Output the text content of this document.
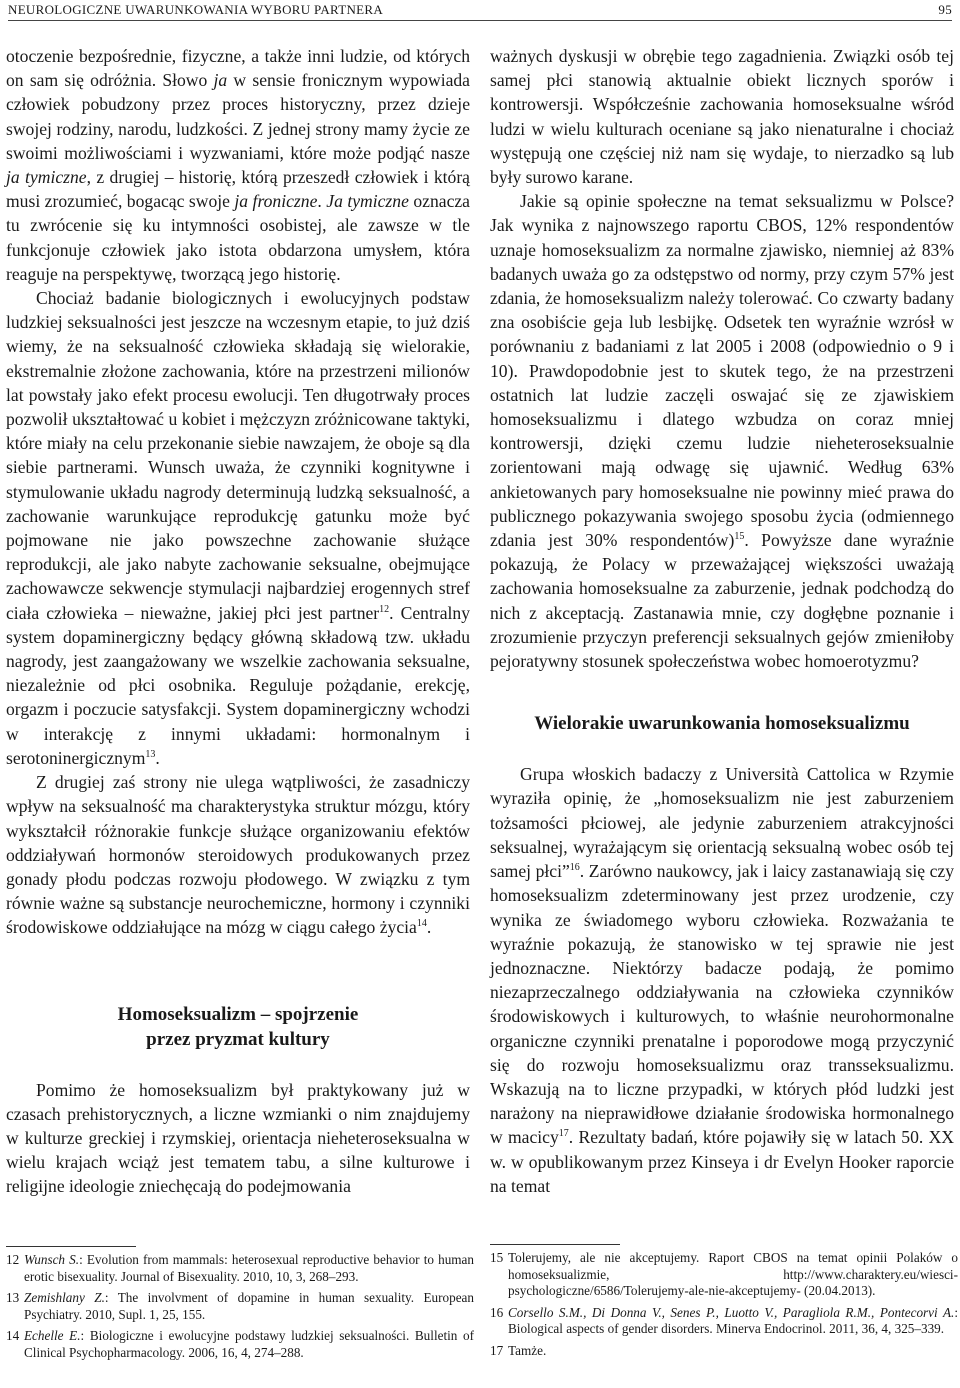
NEUROLOGICZNE UWARUNKOWANIA WYBORU PARTNERA	95

otoczenie bezpośrednie, fizyczne, a także inni ludzie, od których on sam się odróżnia. Słowo ja w sensie fronicznym wypowiada człowiek pobudzony przez proces historyczny, przez dzieje swojej rodziny, narodu, ludzkości. Z jednej strony mamy życie ze swoimi możliwościami i wyzwaniami, które może podjąć nasze ja tymiczne, z drugiej – historię, którą przeszedł człowiek i którą musi zrozumieć, bogacąc swoje ja froniczne. Ja tymiczne oznacza tu zwrócenie się ku intymności osobistej, ale zawsze w tle funkcjonuje człowiek jako istota obdarzona umysłem, która reaguje na perspektywę, tworzącą jego historię.

Chociaż badanie biologicznych i ewolucyjnych podstaw ludzkiej seksualności jest jeszcze na wczesnym etapie, to już dziś wiemy, że na seksualność człowieka składają się wielorakie, ekstremalnie złożone zachowania, które na przestrzeni milionów lat powstały jako efekt procesu ewolucji. Ten długotrwały proces pozwolił ukształtować u kobiet i mężczyzn zróżnicowane taktyki, które miały na celu przekonanie siebie nawzajem, że oboje są dla siebie partnerami. Wunsch uważa, że czynniki kognitywne i stymulowanie układu nagrody determinują ludzką seksualność, a zachowanie warunkujące reprodukcję gatunku może być pojmowane nie jako powszechne zachowanie służące reprodukcji, ale jako nabyte zachowanie seksualne, obejmujące zachowawcze sekwencje stymulacji najbardziej erogennych stref ciała człowieka – nieważne, jakiej płci jest partner$^{12}$. Centralny system dopaminergiczny będący główną składową tzw. układu nagrody, jest zaangażowany we wszelkie zachowania seksualne, niezależnie od płci osobnika. Reguluje pożądanie, erekcję, orgazm i poczucie satysfakcji. System dopaminergiczny wchodzi w interakcję z innymi układami: hormonalnym i serotoninergicznym$^{13}$.

Z drugiej zaś strony nie ulega wątpliwości, że zasadniczy wpływ na seksualność ma charakterystyka struktur mózgu, który wykształcił różnorakie funkcje służące organizowaniu efektów oddziaływań hormonów steroidowych produkowanych przez gonady płodu podczas rozwoju płodowego. W związku z tym równie ważne są substancje neurochemiczne, hormony i czynniki środowiskowe oddziałujące na mózg w ciągu całego życia$^{14}$.

Homoseksualizm – spojrzenie
przez pryzmat kultury

Pomimo że homoseksualizm był praktykowany już w czasach prehistorycznych, a liczne wzmianki o nim znajdujemy w kulturze greckiej i rzymskiej, orientacja nieheteroseksualna w wielu krajach wciąż jest tematem tabu, a silne kulturowe i religijne ideologie zniechęcają do podejmowania

ważnych dyskusji w obrębie tego zagadnienia. Związki osób tej samej płci stanowią aktualnie obiekt licznych sporów i kontrowersji. Współcześnie zachowania homoseksualne wśród ludzi w wielu kulturach oceniane są jako nienaturalne i chociaż występują one częściej niż nam się wydaje, to nierzadko są lub były surowo karane.

Jakie są opinie społeczne na temat seksualizmu w Polsce? Jak wynika z najnowszego raportu CBOS, 12% respondentów uznaje homoseksualizm za normalne zjawisko, niemniej aż 83% badanych uważa go za odstępstwo od normy, przy czym 57% jest zdania, że homoseksualizm należy tolerować. Co czwarty badany zna osobiście geja lub lesbijkę. Odsetek ten wyraźnie wzrósł w porównaniu z badaniami z lat 2005 i 2008 (odpowiednio o 9 i 10). Prawdopodobnie jest to skutek tego, że na przestrzeni ostatnich lat ludzie zaczęli oswajać się ze zjawiskiem homoseksualizmu i dlatego wzbudza on coraz mniej kontrowersji, dzięki czemu ludzie nieheteroseksualnie zorientowani mają odwagę się ujawnić. Według 63% ankietowanych pary homoseksualne nie powinny mieć prawa do publicznego pokazywania swojego sposobu życia (odmiennego zdania jest 30% respondentów)$^{15}$. Powyższe dane wyraźnie pokazują, że Polacy w przeważającej większości uważają zachowania homoseksualne za zaburzenie, jednak podchodzą do nich z akceptacją. Zastanawia mnie, czy dogłębne poznanie i zrozumienie przyczyn preferencji seksualnych gejów zmieniłoby pejoratywny stosunek społeczeństwa wobec homoerotyzmu?

Wielorakie uwarunkowania homoseksualizmu

Grupa włoskich badaczy z Università Cattolica w Rzymie wyraziła opinię, że „homoseksualizm nie jest zaburzeniem tożsamości płciowej, ale jedynie zaburzeniem atrakcyjności seksualnej, wyrażającym się orientacją seksualną wobec osób tej samej płci”$^{16}$. Zarówno naukowcy, jak i laicy zastanawiają się czy homoseksualizm zdeterminowany jest przez urodzenie, czy wynika ze świadomego wyboru człowieka. Rozważania te wyraźnie pokazują, że stanowisko w tej sprawie nie jest jednoznaczne. Niektórzy badacze podają, że pomimo niezaprzeczalnego oddziaływania na człowieka czynników środowiskowych i kulturowych, to właśnie neurohormonalne organiczne czynniki prenatalne i poporodowe mogą przyczynić się do rozwoju homoseksualizmu oraz transseksualizmu. Wskazują na to liczne przypadki, w których płód ludzki jest narażony na nieprawidłowe działanie środowiska hormonalnego w macicy$^{17}$. Rezultaty badań, które pojawiły się w latach 50. XX w. w opublikowanym przez Kinseya i dr Evelyn Hooker raporcie na temat

12 Wunsch S.: Evolution from mammals: heterosexual reproductive behavior to human erotic bisexuality. Journal of Bisexuality. 2010, 10, 3, 268–293.

13 Zemishlany Z.: The involvment of dopamine in human sexuality. European Psychiatry. 2010, Supl. 1, 25, 155.

14 Echelle E.: Biologiczne i ewolucyjne podstawy ludzkiej seksualności. Bulletin of Clinical Psychopharmacology. 2006, 16, 4, 274–288.

15 Tolerujemy, ale nie akceptujemy. Raport CBOS na temat opinii Polaków o homoseksualizmie, http://www.charaktery.eu/wiesci-psychologiczne/6586/Tolerujemy-ale-nie-akceptujemy- (20.04.2013).

16 Corsello S.M., Di Donna V., Senes P., Luotto V., Paragliola R.M., Pontecorvi A.: Biological aspects of gender disorders. Minerva Endocrinol. 2011, 36, 4, 325–339.

17 Tamże.
